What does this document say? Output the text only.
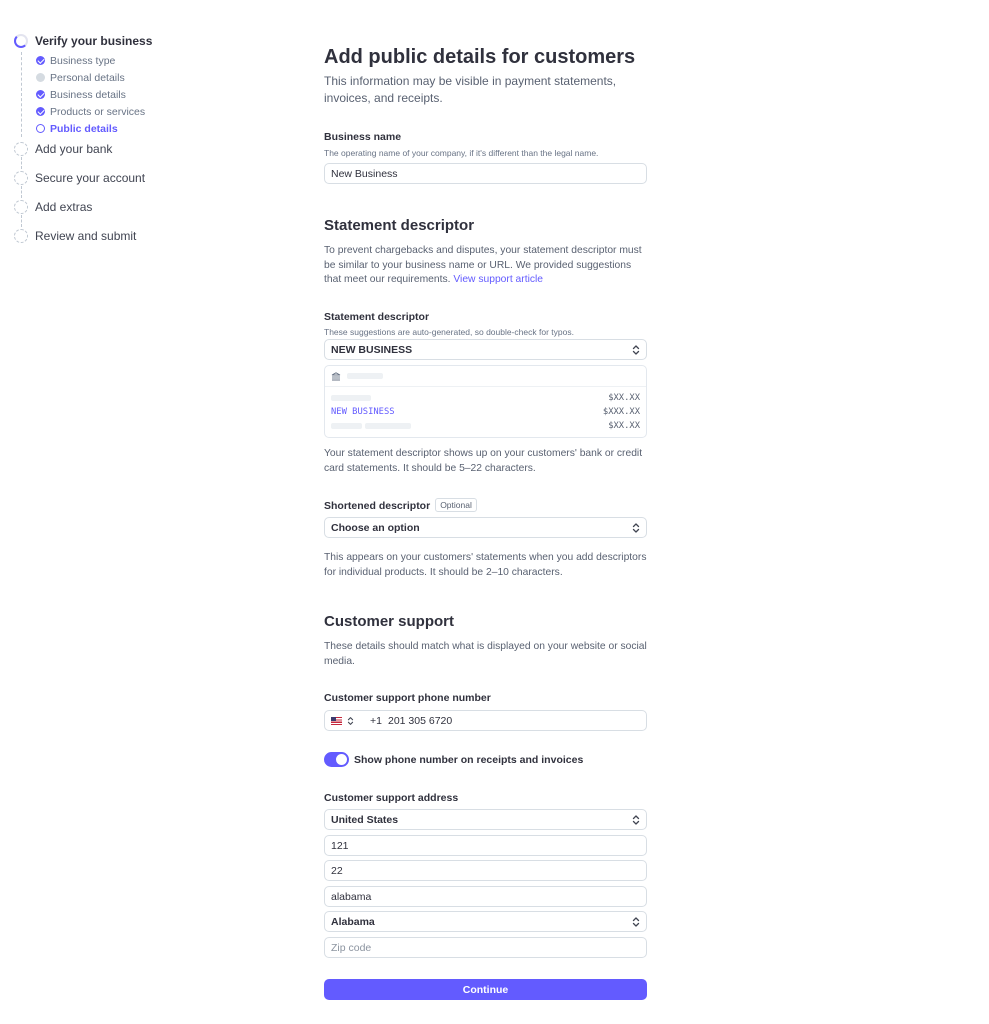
Verify your business
Business type
Personal details
Business details
Products or services
Public details
Add your bank
Secure your account
Add extras
Review and submit
Add public details for customers

This information may be visible in payment statements, invoices, and receipts.

Business name
The operating name of your company, if it's different than the legal name.
New Business
Statement descriptor

To prevent chargebacks and disputes, your statement descriptor must be similar to your business name or URL. We provided suggestions that meet our requirements. View support article

Statement descriptor
These suggestions are auto-generated, so double-check for typos.
NEW BUSINESS
$XX.XX
NEW BUSINESS	$XXX.XX
$XX.XX

Your statement descriptor shows up on your customers' bank or credit card statements. It should be 5–22 characters.

Shortened descriptor Optional
Choose an option

This appears on your customers' statements when you add descriptors for individual products. It should be 2–10 characters.

Customer support

These details should match what is displayed on your website or social media.

Customer support phone number
+1 201 305 6720
Show phone number on receipts and invoices
Customer support address
United States
121
22
alabama
Alabama
Zip code
Continue
